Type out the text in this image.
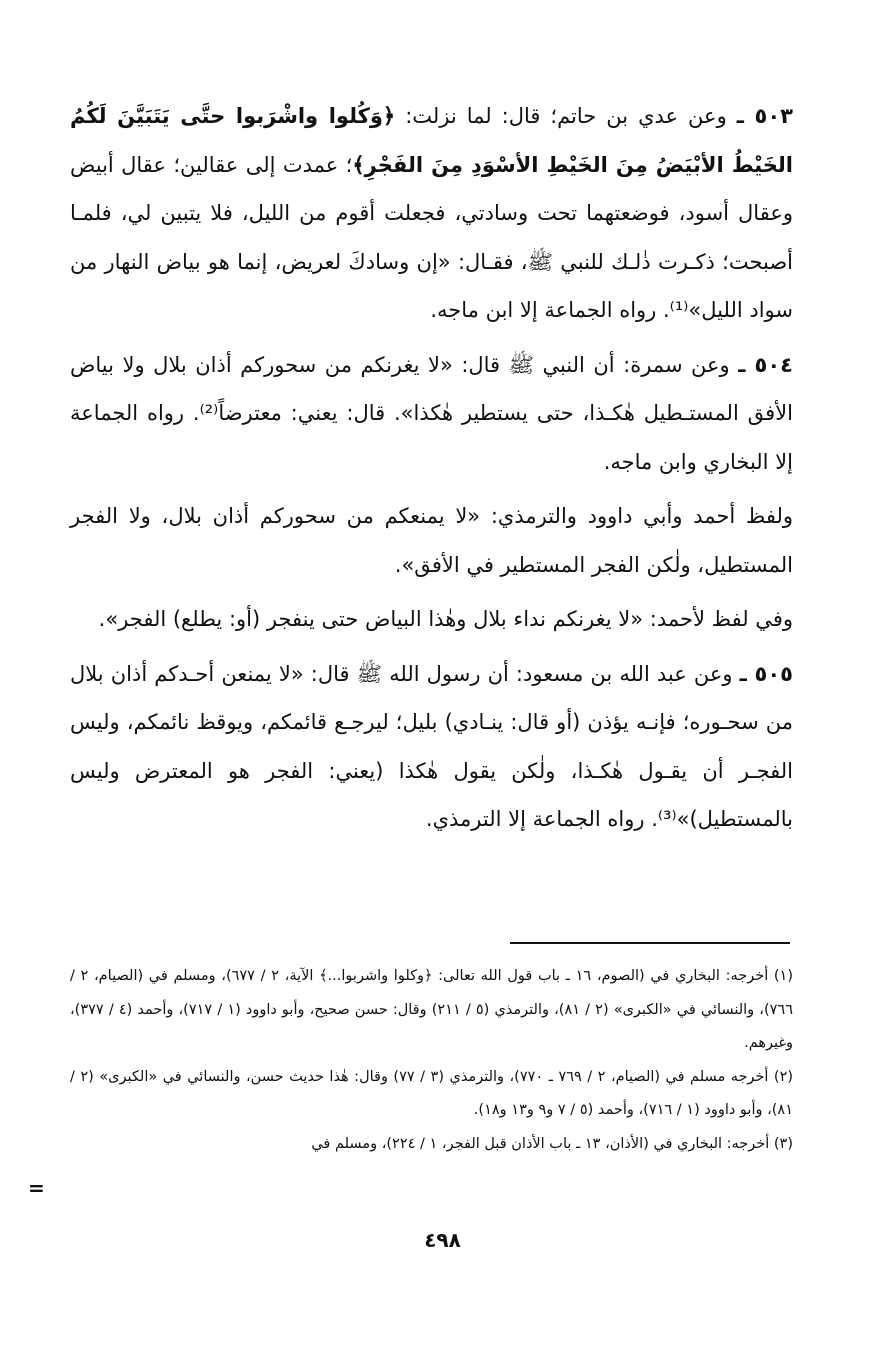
٥٠٣ ـ وعن عدي بن حاتم؛ قال: لما نزلت: ﴿وَكُلوا واشْرَبوا حتَّى يَتَبَيَّنَ لَكُمُ الخَيْطُ الأبْيَضُ مِنَ الخَيْطِ الأسْوَدِ مِنَ الفَجْرِ﴾؛ عمدت إلى عقالين؛ عقال أبيض وعقال أسود، فوضعتهما تحت وسادتي، فجعلت أقوم من الليل، فلا يتبين لي، فلمـا أصبحت؛ ذكـرت ذٰلـك للنبي ﷺ، فقـال: «إن وسادكَ لعريض، إنما هو بياض النهار من سواد الليل»⁽¹⁾. رواه الجماعة إلا ابن ماجه.

٥٠٤ ـ وعن سمرة: أن النبي ﷺ قال: «لا يغرنكم من سحوركم أذان بلال ولا بياض الأفق المستـطيل هٰكـذا، حتى يستطير هٰكذا». قال: يعني: معترضاً⁽²⁾. رواه الجماعة إلا البخاري وابن ماجه.

ولفظ أحمد وأبي داوود والترمذي: «لا يمنعكم من سحوركم أذان بلال، ولا الفجر المستطيل، ولٰكن الفجر المستطير في الأفق».

وفي لفظ لأحمد: «لا يغرنكم نداء بلال وهٰذا البياض حتى ينفجر (أو: يطلع) الفجر».

٥٠٥ ـ وعن عبد الله بن مسعود: أن رسول الله ﷺ قال: «لا يمنعن أحـدكم أذان بلال من سحـوره؛ فإنـه يؤذن (أو قال: ينـادي) بليل؛ ليرجـع قائمكم، ويوقظ نائمكم، وليس الفجـر أن يقـول هٰكـذا، ولٰكن يقول هٰكذا (يعني: الفجر هو المعترض وليس بالمستطيل)»⁽³⁾. رواه الجماعة إلا الترمذي.

(١) أخرجه: البخاري في (الصوم، ١٦ ـ باب قول الله تعالى: ﴿وكلوا واشربوا...﴾ الآية، ٢ / ٦٧٧)، ومسلم في (الصيام، ٢ / ٧٦٦)، والنسائي في «الكبرى» (٢ / ٨١)، والترمذي (٥ / ٢١١) وقال: حسن صحيح، وأبو داوود (١ / ٧١٧)، وأحمد (٤ / ٣٧٧)، وغيرهم.

(٢) أخرجه مسلم في (الصيام، ٢ / ٧٦٩ ـ ٧٧٠)، والترمذي (٣ / ٧٧) وقال: هٰذا حديث حسن، والنسائي في «الكبرى» (٢ / ٨١)، وأبو داوود (١ / ٧١٦)، وأحمد (٥ / ٧ و٩ و١٣ و١٨).

(٣) أخرجه: البخاري في (الأذان، ١٣ ـ باب الأذان قبل الفجر، ١ / ٢٢٤)، ومسلم في

=
٤٩٨
